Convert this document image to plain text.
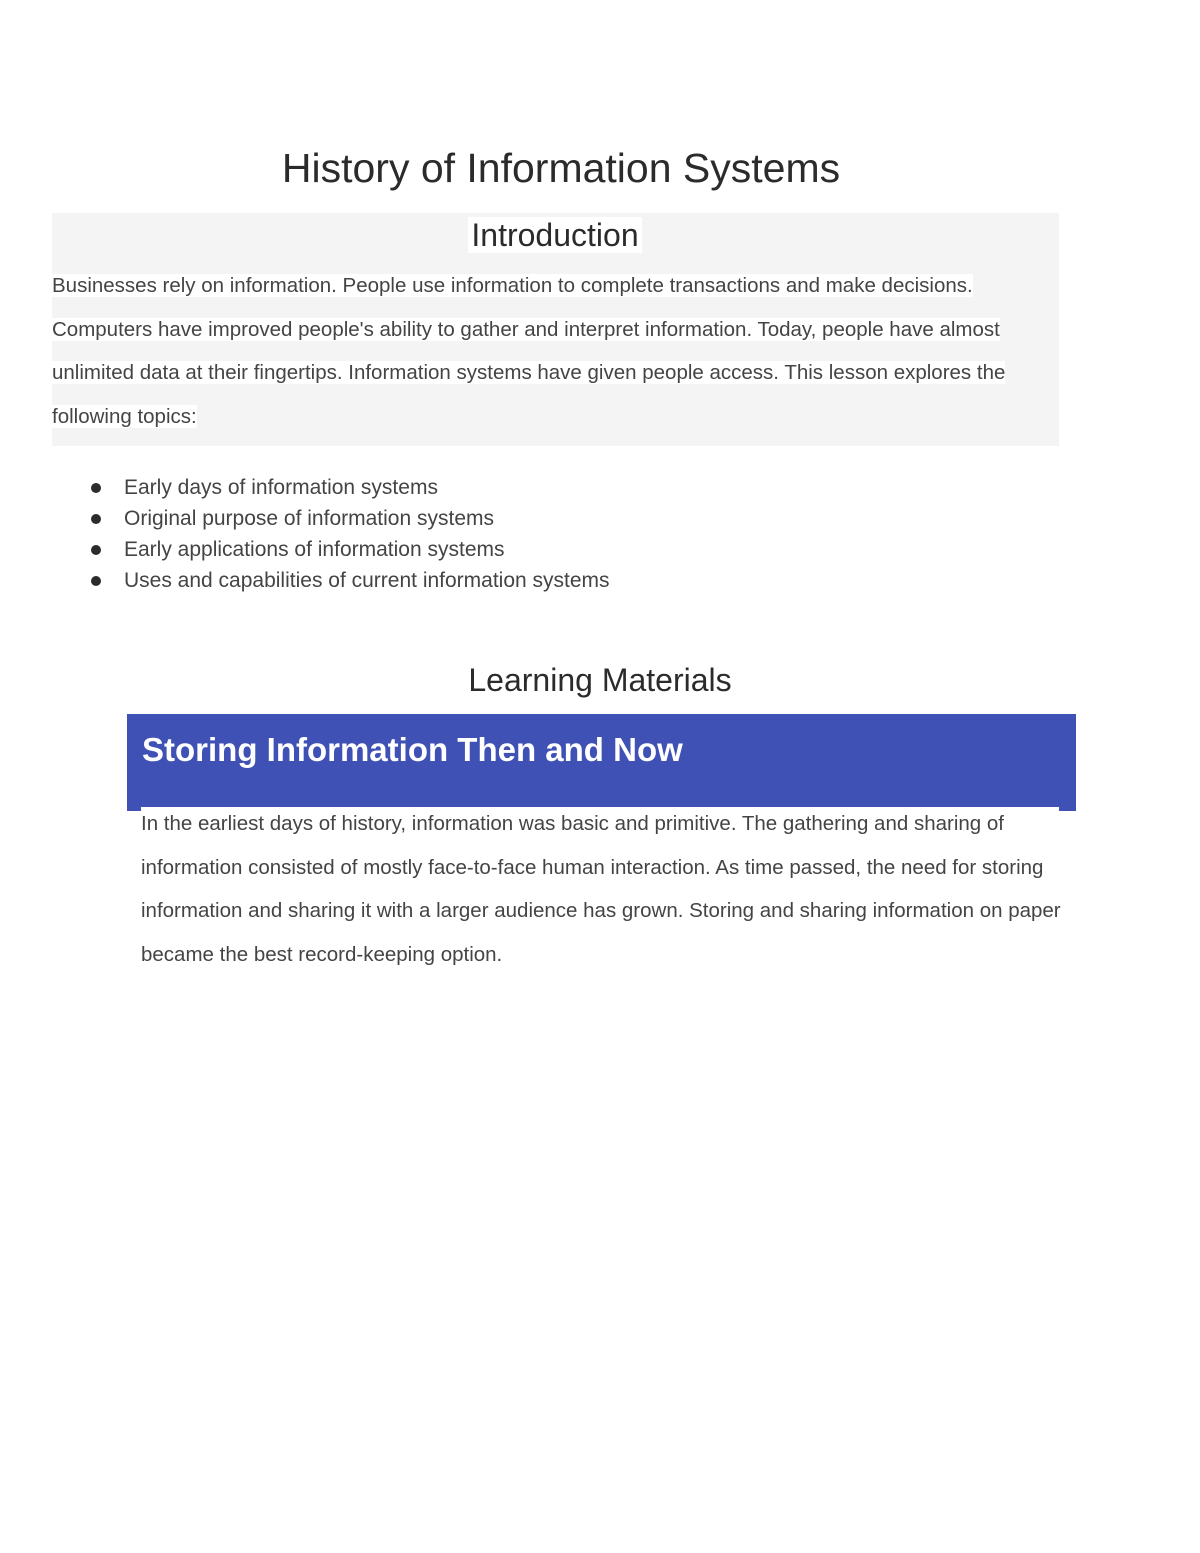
History of Information Systems
Introduction

Businesses rely on information. People use information to complete transactions and make decisions. Computers have improved people's ability to gather and interpret information. Today, people have almost unlimited data at their fingertips. Information systems have given people access. This lesson explores the following topics:

Early days of information systems
Original purpose of information systems
Early applications of information systems
Uses and capabilities of current information systems
Learning Materials
Storing Information Then and Now

In the earliest days of history, information was basic and primitive. The gathering and sharing of information consisted of mostly face-to-face human interaction. As time passed, the need for storing information and sharing it with a larger audience has grown. Storing and sharing information on paper became the best record-keeping option.
